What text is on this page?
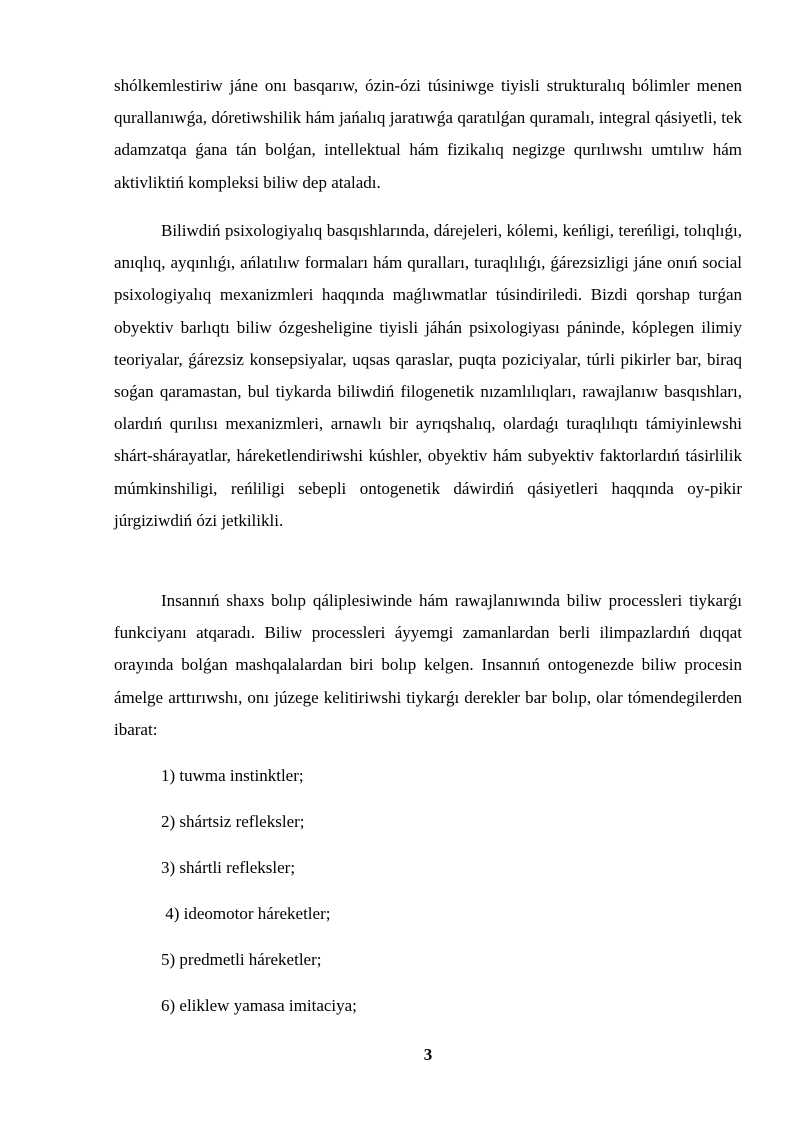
shólkemlestiriw jáne onı basqarıw, ózin-ózi túsiniwge tiyisli strukturalıq bólimler menen qurallanıwǵa, dóretiwshilik hám jańalıq jaratıwǵa qaratılǵan quramalı, integral qásiyetli, tek adamzatqa ǵana tán bolǵan, intellektual hám fizikalıq negizge qurılıwshı umtılıw hám aktivliktiń kompleksi biliw dep ataladı.

Biliwdiń psixologiyalıq basqıshlarında, dárejeleri, kólemi, keńligi, tereńligi, tolıqlıǵı, anıqlıq, ayqınlıǵı, ańlatılıw formaları hám quralları, turaqlılıǵı, ǵárezsizligi jáne onıń social psixologiyalıq mexanizmleri haqqında maǵlıwmatlar túsindiriledi. Bizdi qorshap turǵan obyektiv barlıqtı biliw ózgesheligine tiyisli jáhán psixologiyası páninde, kóplegen ilimiy teoriyalar, ǵárezsiz konsepsiyalar, uqsas qaraslar, puqta poziciyalar, túrli pikirler bar, biraq soǵan qaramastan, bul tiykarda biliwdiń filogenetik nızamlılıqları, rawajlanıw basqıshları, olardıń qurılısı mexanizmleri, arnawlı bir ayrıqshalıq, olardaǵı turaqlılıqtı támiyinlewshi shárt-shárayatlar, háreketlendiriwshi kúshler, obyektiv hám subyektiv faktorlardıń tásirlilik múmkinshiligi, reńliligi sebepli ontogenetik dáwirdiń qásiyetleri haqqında oy-pikir júrgiziwdiń ózi jetkilikli.

Insannıń shaxs bolıp qáliplesiwinde hám rawajlanıwında biliw processleri tiykarǵı funkciyanı atqaradı. Biliw processleri áyyemgi zamanlardan berli ilimpazlardıń dıqqat orayında bolǵan mashqalalardan biri bolıp kelgen. Insannıń ontogenezde biliw procesin ámelge arttırıwshı, onı júzege kelitiriwshi tiykarǵı derekler bar bolıp, olar tómendegilerden ibarat:

1) tuwma instinktler;

2) shártsiz refleksler;

3) shártli refleksler;

4) ideomotor háreketler;

5) predmetli háreketler;

6) eliklew yamasa imitaciya;

3
